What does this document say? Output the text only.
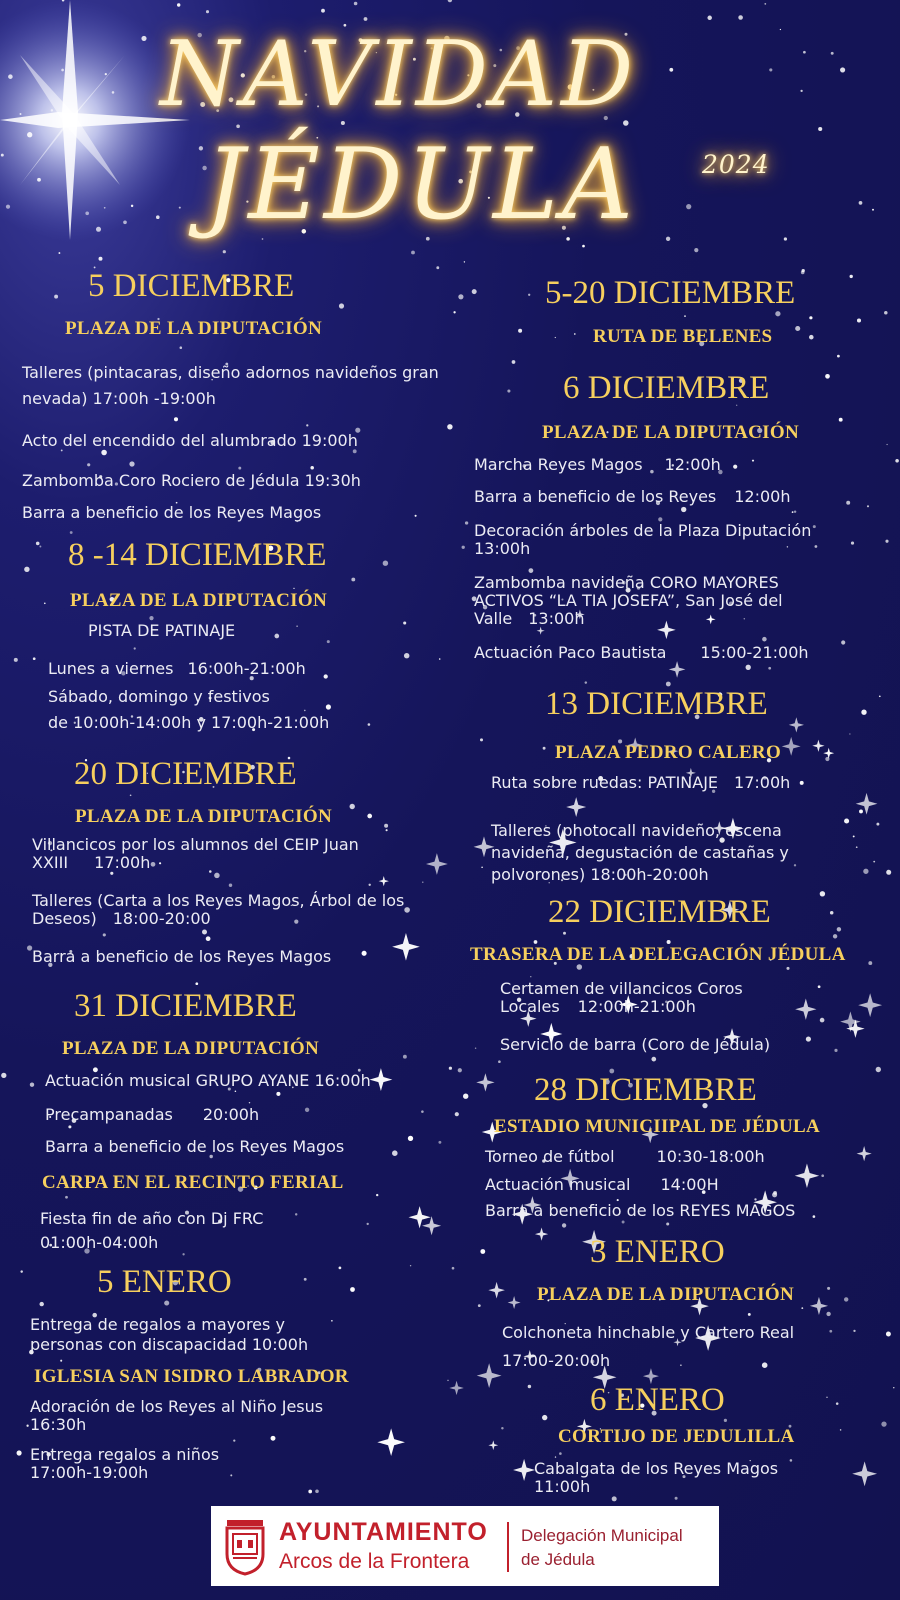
NAVIDAD
JÉDULA	2024
5 DICIEMBRE
PLAZA DE LA DIPUTACIÓN
Talleres (pintacaras, diseño adornos navideños gran nevada) 17:00h -19:00h
Acto del encendido del alumbrado 19:00h
Zambomba Coro Rociero de Jédula 19:30h
Barra a beneficio de los Reyes Magos
8 -14 DICIEMBRE
PLAZA DE LA DIPUTACIÓN
PISTA DE PATINAJE
Lunes a viernes 16:00h-21:00h
Sábado, domingo y festivos
de 10:00h-14:00h y 17:00h-21:00h
20 DICIEMBRE
PLAZA DE LA DIPUTACIÓN
Villancicos por los alumnos del CEIP Juan XXIII 17:00h
Talleres (Carta a los Reyes Magos, Árbol de los Deseos) 18:00-20:00
Barra a beneficio de los Reyes Magos
31 DICIEMBRE
PLAZA DE LA DIPUTACIÓN
Actuación musical GRUPO AYANE 16:00h
Precampanadas 20:00h
Barra a beneficio de los Reyes Magos
CARPA EN EL RECINTO FERIAL
Fiesta fin de año con Dj FRC
01:00h-04:00h
5 ENERO
Entrega de regalos a mayores y
personas con discapacidad 10:00h
IGLESIA SAN ISIDRO LABRADOR
Adoración de los Reyes al Niño Jesus
16:30h
Entrega regalos a niños
17:00h-19:00h
5-20 DICIEMBRE
RUTA DE BELENES
6 DICIEMBRE
PLAZA DE LA DIPUTACIÓN
Marcha Reyes Magos 12:00h
Barra a beneficio de los Reyes 12:00h
Decoración árboles de la Plaza Diputación
13:00h
Zambomba navideña CORO MAYORES
ACTIVOS “LA TIA JOSEFA”, San José del
Valle 13:00h
Actuación Paco Bautista 15:00-21:00h
13 DICIEMBRE
PLAZA PEDRO CALERO
Ruta sobre ruedas: PATINAJE 17:00h
Talleres (photocall navideño, escena
navideña, degustación de castañas y
polvorones) 18:00h-20:00h
22 DICIEMBRE
TRASERA DE LA DELEGACIÓN JÉDULA
Certamen de villancicos Coros
Locales 12:00h-21:00h
Servicio de barra (Coro de Jédula)
28 DICIEMBRE
ESTADIO MUNICIIPAL DE JÉDULA
Torneo de fútbol	10:30-18:00h
Actuación musical 14:00H
Barra a beneficio de los REYES MAGOS
3 ENERO
PLAZA DE LA DIPUTACIÓN
Colchoneta hinchable y Cartero Real
17:00-20:00h
6 ENERO
CORTIJO DE JEDULILLA
Cabalgata de los Reyes Magos
11:00h
AYUNTAMIENTO
Arcos de la Frontera
Delegación Municipal
de Jédula
